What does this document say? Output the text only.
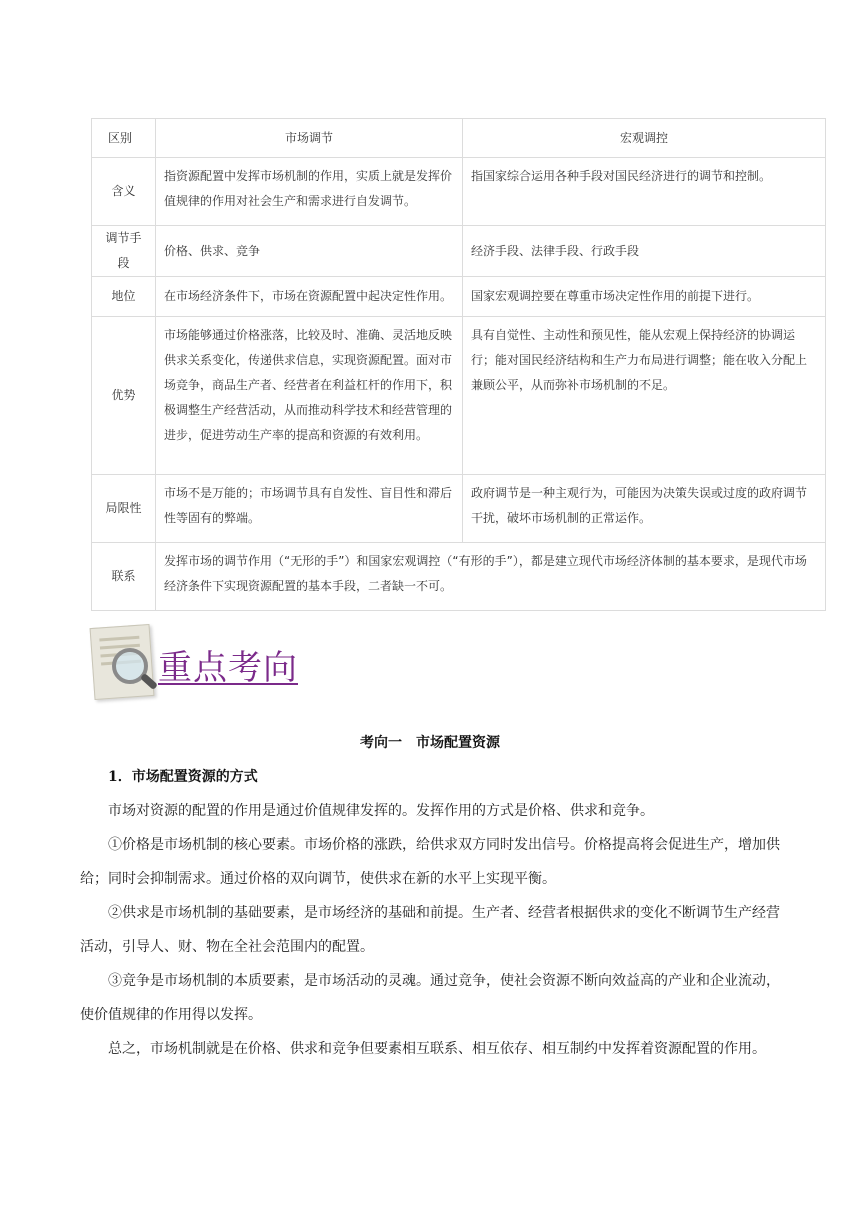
区别	市场调节	宏观调控
含义	指资源配置中发挥市场机制的作用，实质上就是发挥价值规律的作用对社会生产和需求进行自发调节。	指国家综合运用各种手段对国民经济进行的调节和控制。
调节手段	价格、供求、竞争	经济手段、法律手段、行政手段
地位	在市场经济条件下，市场在资源配置中起决定性作用。	国家宏观调控要在尊重市场决定性作用的前提下进行。
优势	市场能够通过价格涨落，比较及时、准确、灵活地反映供求关系变化，传递供求信息，实现资源配置。面对市场竞争，商品生产者、经营者在利益杠杆的作用下，积极调整生产经营活动，从而推动科学技术和经营管理的进步，促进劳动生产率的提高和资源的有效利用。	具有自觉性、主动性和预见性，能从宏观上保持经济的协调运行；能对国民经济结构和生产力布局进行调整；能在收入分配上兼顾公平，从而弥补市场机制的不足。
局限性	市场不是万能的；市场调节具有自发性、盲目性和滞后性等固有的弊端。	政府调节是一种主观行为，可能因为决策失误或过度的政府调节干扰，破坏市场机制的正常运作。
联系	发挥市场的调节作用（“无形的手”）和国家宏观调控（“有形的手”），都是建立现代市场经济体制的基本要求，是现代市场经济条件下实现资源配置的基本手段，二者缺一不可。	
重点考向
考向一　市场配置资源
1．市场配置资源的方式

市场对资源的配置的作用是通过价值规律发挥的。发挥作用的方式是价格、供求和竞争。

①价格是市场机制的核心要素。市场价格的涨跌，给供求双方同时发出信号。价格提高将会促进生产，增加供给；同时会抑制需求。通过价格的双向调节，使供求在新的水平上实现平衡。

②供求是市场机制的基础要素，是市场经济的基础和前提。生产者、经营者根据供求的变化不断调节生产经营活动，引导人、财、物在全社会范围内的配置。

③竞争是市场机制的本质要素，是市场活动的灵魂。通过竞争，使社会资源不断向效益高的产业和企业流动，使价值规律的作用得以发挥。

总之，市场机制就是在价格、供求和竞争但要素相互联系、相互依存、相互制约中发挥着资源配置的作用。
